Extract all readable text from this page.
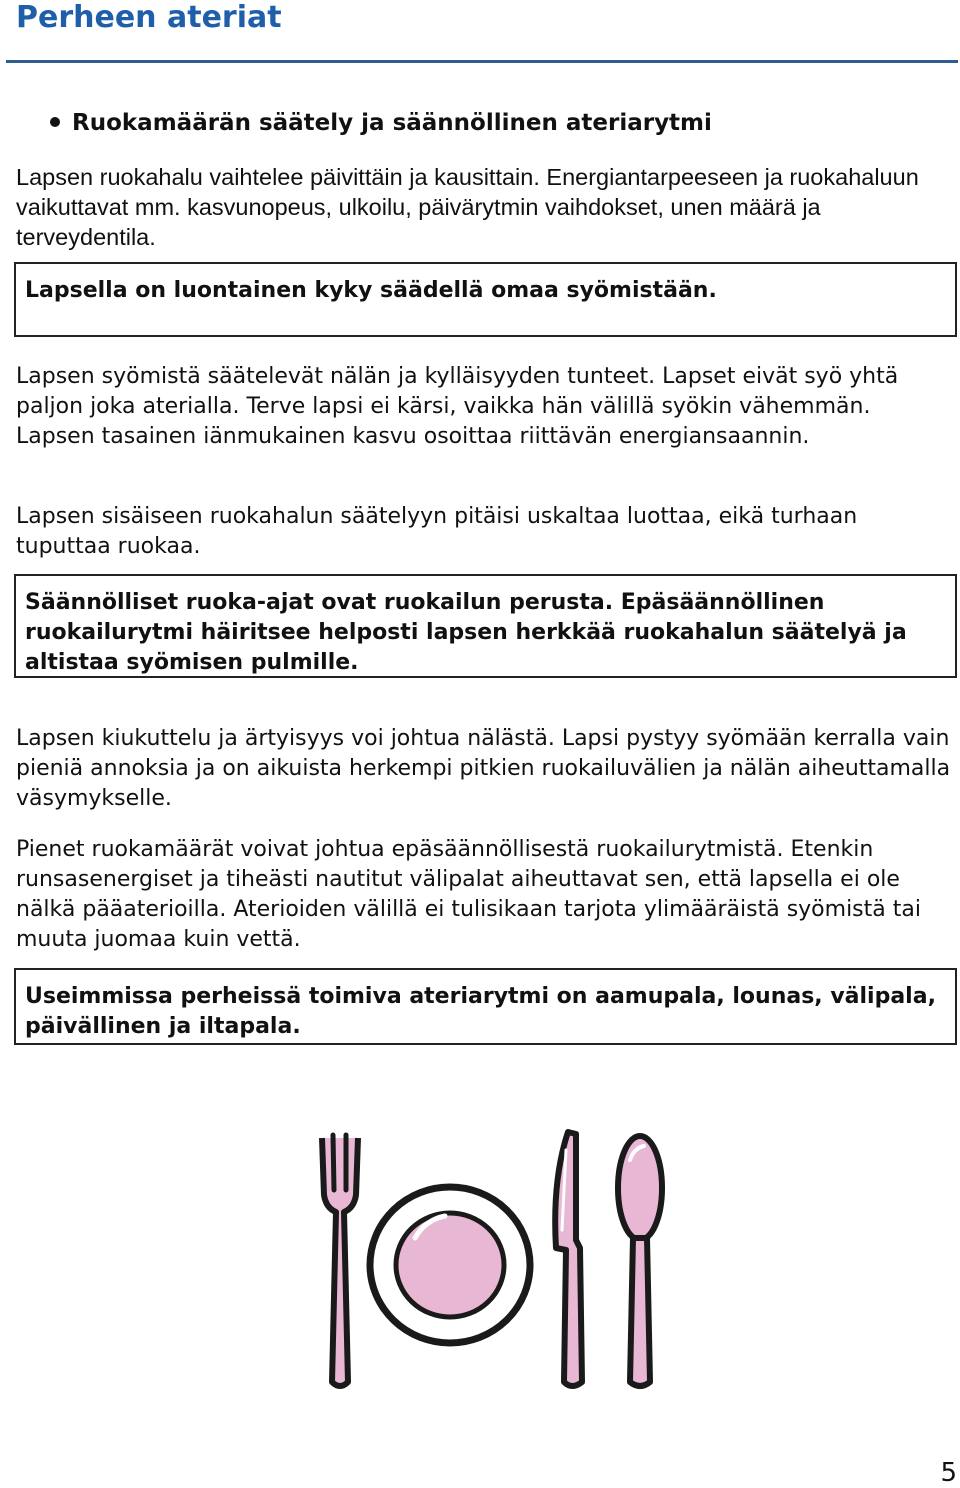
Perheen ateriat
Ruokamäärän säätely ja säännöllinen ateriarytmi

Lapsen ruokahalu vaihtelee päivittäin ja kausittain. Energiantarpeeseen ja ruokahaluun vaikuttavat mm. kasvunopeus, ulkoilu, päivärytmin vaihdokset, unen määrä ja terveydentila.

Lapsella on luontainen kyky säädellä omaa syömistään.

Lapsen syömistä säätelevät nälän ja kylläisyyden tunteet. Lapset eivät syö yhtä paljon joka aterialla. Terve lapsi ei kärsi, vaikka hän välillä syökin vähemmän. Lapsen tasainen iänmukainen kasvu osoittaa riittävän energiansaannin.

Lapsen sisäiseen ruokahalun säätelyyn pitäisi uskaltaa luottaa, eikä turhaan tuputtaa ruokaa.

Säännölliset ruoka-ajat ovat ruokailun perusta. Epäsäännöllinen ruokailurytmi häiritsee helposti lapsen herkkää ruokahalun säätelyä ja altistaa syömisen pulmille.

Lapsen kiukuttelu ja ärtyisyys voi johtua nälästä. Lapsi pystyy syömään kerralla vain pieniä annoksia ja on aikuista herkempi pitkien ruokailuvälien ja nälän aiheuttamalla väsymykselle.

Pienet ruokamäärät voivat johtua epäsäännöllisestä ruokailurytmistä. Etenkin runsasenergiset ja tiheästi nautitut välipalat aiheuttavat sen, että lapsella ei ole nälkä pääaterioilla. Aterioiden välillä ei tulisikaan tarjota ylimääräistä syömistä tai muuta juomaa kuin vettä.

Useimmissa perheissä toimiva ateriarytmi on aamupala, lounas, välipala, päivällinen ja iltapala.

5
